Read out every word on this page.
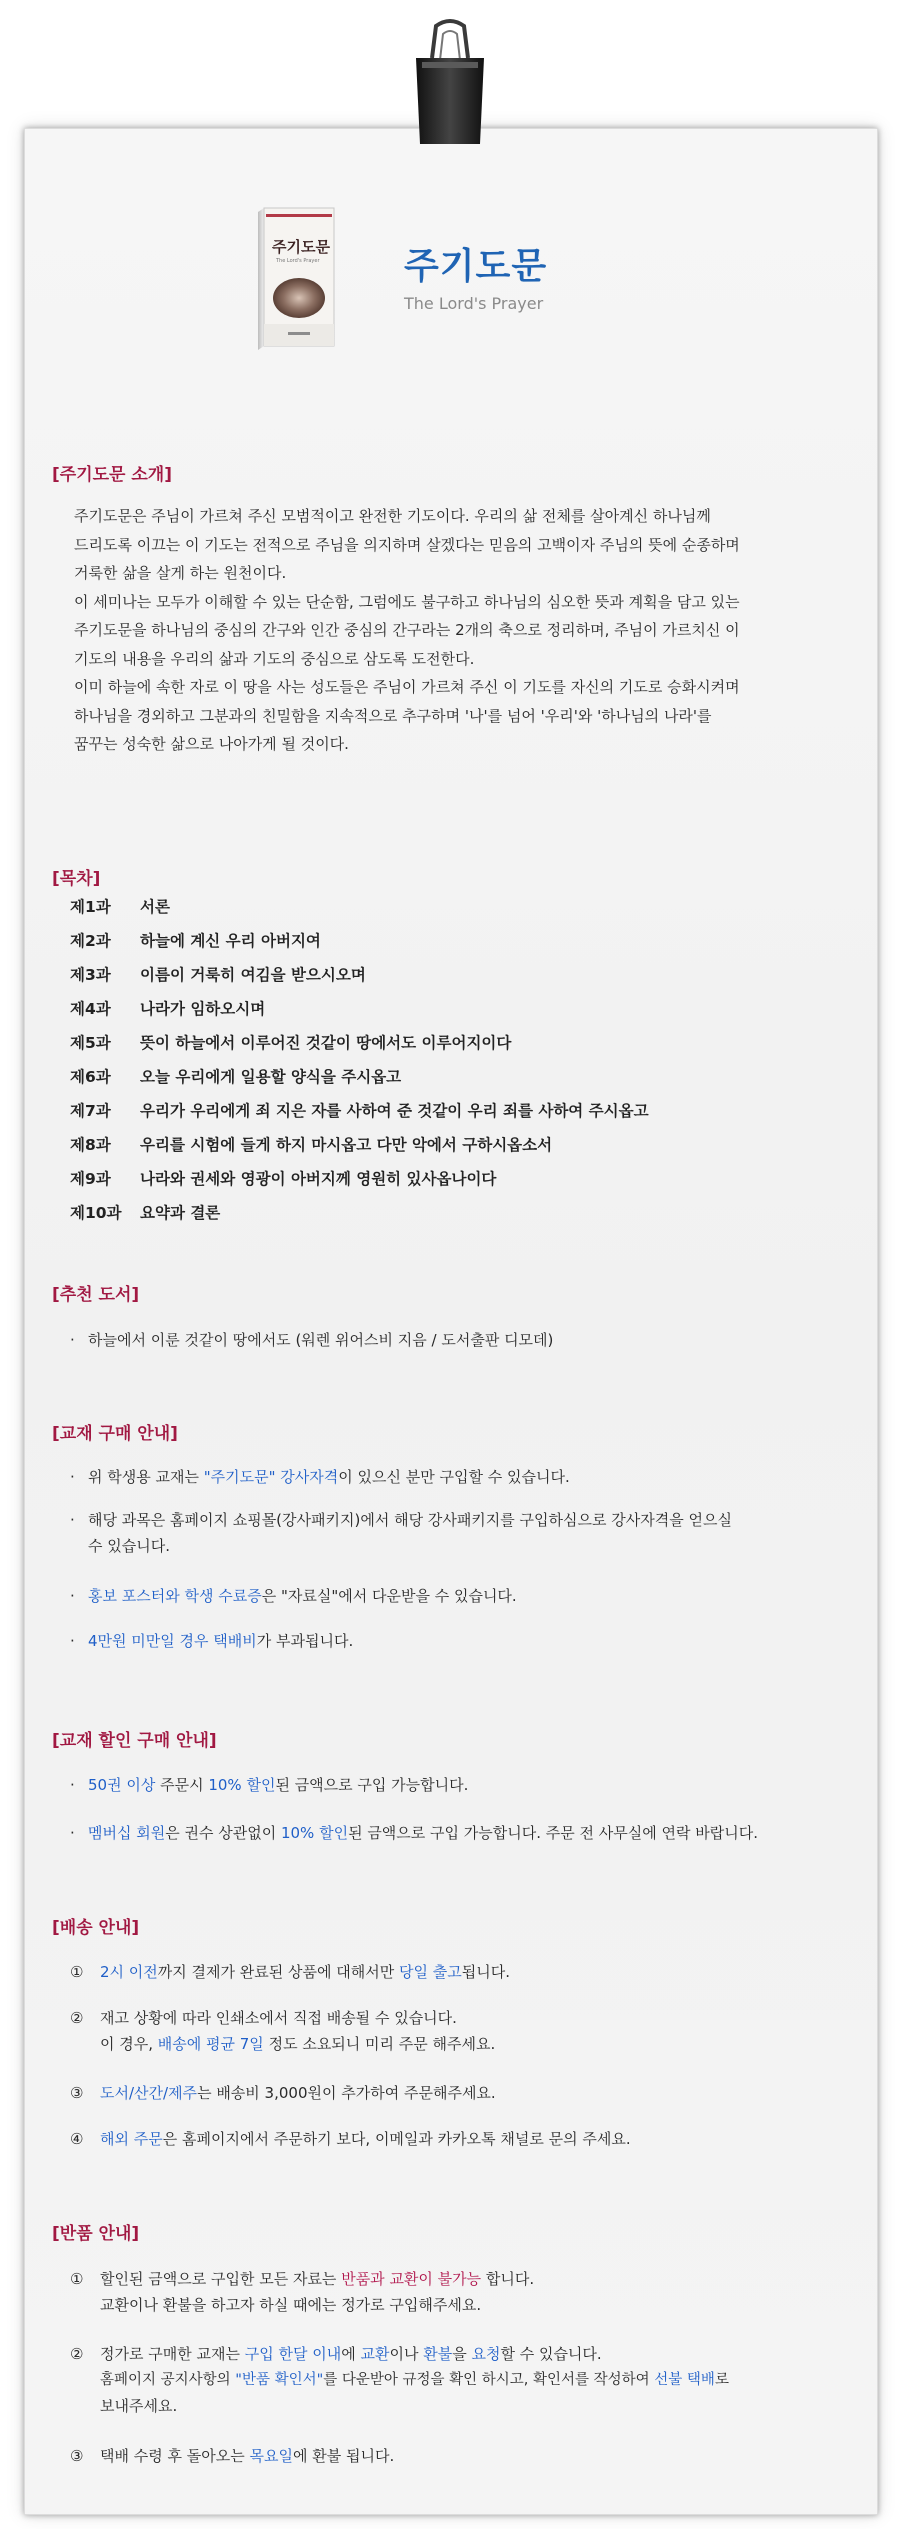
주기도문
The Lord's Prayer 주기도문
The Lord's Prayer
[주기도문 소개]

주기도문은 주님이 가르쳐 주신 모범적이고 완전한 기도이다. 우리의 삶 전체를 살아계신 하나님께

드리도록 이끄는 이 기도는 전적으로 주님을 의지하며 살겠다는 믿음의 고백이자 주님의 뜻에 순종하며

거룩한 삶을 살게 하는 원천이다.

이 세미나는 모두가 이해할 수 있는 단순함, 그럼에도 불구하고 하나님의 심오한 뜻과 계획을 담고 있는

주기도문을 하나님의 중심의 간구와 인간 중심의 간구라는 2개의 축으로 정리하며, 주님이 가르치신 이

기도의 내용을 우리의 삶과 기도의 중심으로 삼도록 도전한다.

이미 하늘에 속한 자로 이 땅을 사는 성도들은 주님이 가르쳐 주신 이 기도를 자신의 기도로 승화시켜며

하나님을 경외하고 그분과의 친밀함을 지속적으로 추구하며 '나'를 넘어 '우리'와 '하나님의 나라'를

꿈꾸는 성숙한 삶으로 나아가게 될 것이다.

[목차]
제1과	서론
제2과	하늘에 계신 우리 아버지여
제3과	이름이 거룩히 여김을 받으시오며
제4과	나라가 임하오시며
제5과	뜻이 하늘에서 이루어진 것같이 땅에서도 이루어지이다
제6과	오늘 우리에게 일용할 양식을 주시옵고
제7과	우리가 우리에게 죄 지은 자를 사하여 준 것같이 우리 죄를 사하여 주시옵고
제8과	우리를 시험에 들게 하지 마시옵고 다만 악에서 구하시옵소서
제9과	나라와 권세와 영광이 아버지께 영원히 있사옵나이다
제10과	요약과 결론
[추천 도서]
· 하늘에서 이룬 것같이 땅에서도 (워렌 위어스비 지음 / 도서출판 디모데)
[교재 구매 안내]
· 위 학생용 교재는 "주기도문" 강사자격이 있으신 분만 구입할 수 있습니다.
· 해당 과목은 홈페이지 쇼핑몰(강사패키지)에서 해당 강사패키지를 구입하심으로 강사자격을 얻으실
수 있습니다.
· 홍보 포스터와 학생 수료증은 "자료실"에서 다운받을 수 있습니다.
· 4만원 미만일 경우 택배비가 부과됩니다.
[교재 할인 구매 안내]
· 50권 이상 주문시 10% 할인된 금액으로 구입 가능합니다.
· 멤버십 회원은 권수 상관없이 10% 할인된 금액으로 구입 가능합니다. 주문 전 사무실에 연락 바랍니다.
[배송 안내]
① 2시 이전까지 결제가 완료된 상품에 대해서만 당일 출고됩니다.
② 재고 상황에 따라 인쇄소에서 직접 배송될 수 있습니다.
이 경우, 배송에 평균 7일 정도 소요되니 미리 주문 해주세요.
③ 도서/산간/제주는 배송비 3,000원이 추가하여 주문해주세요.
④ 해외 주문은 홈페이지에서 주문하기 보다, 이메일과 카카오톡 채널로 문의 주세요.
[반품 안내]
① 할인된 금액으로 구입한 모든 자료는 반품과 교환이 불가능 합니다.
교환이나 환불을 하고자 하실 때에는 정가로 구입해주세요.
② 정가로 구매한 교재는 구입 한달 이내에 교환이나 환불을 요청할 수 있습니다.
홈페이지 공지사항의 "반품 확인서"를 다운받아 규정을 확인 하시고, 확인서를 작성하여 선불 택배로
보내주세요.
③ 택배 수령 후 돌아오는 목요일에 환불 됩니다.
